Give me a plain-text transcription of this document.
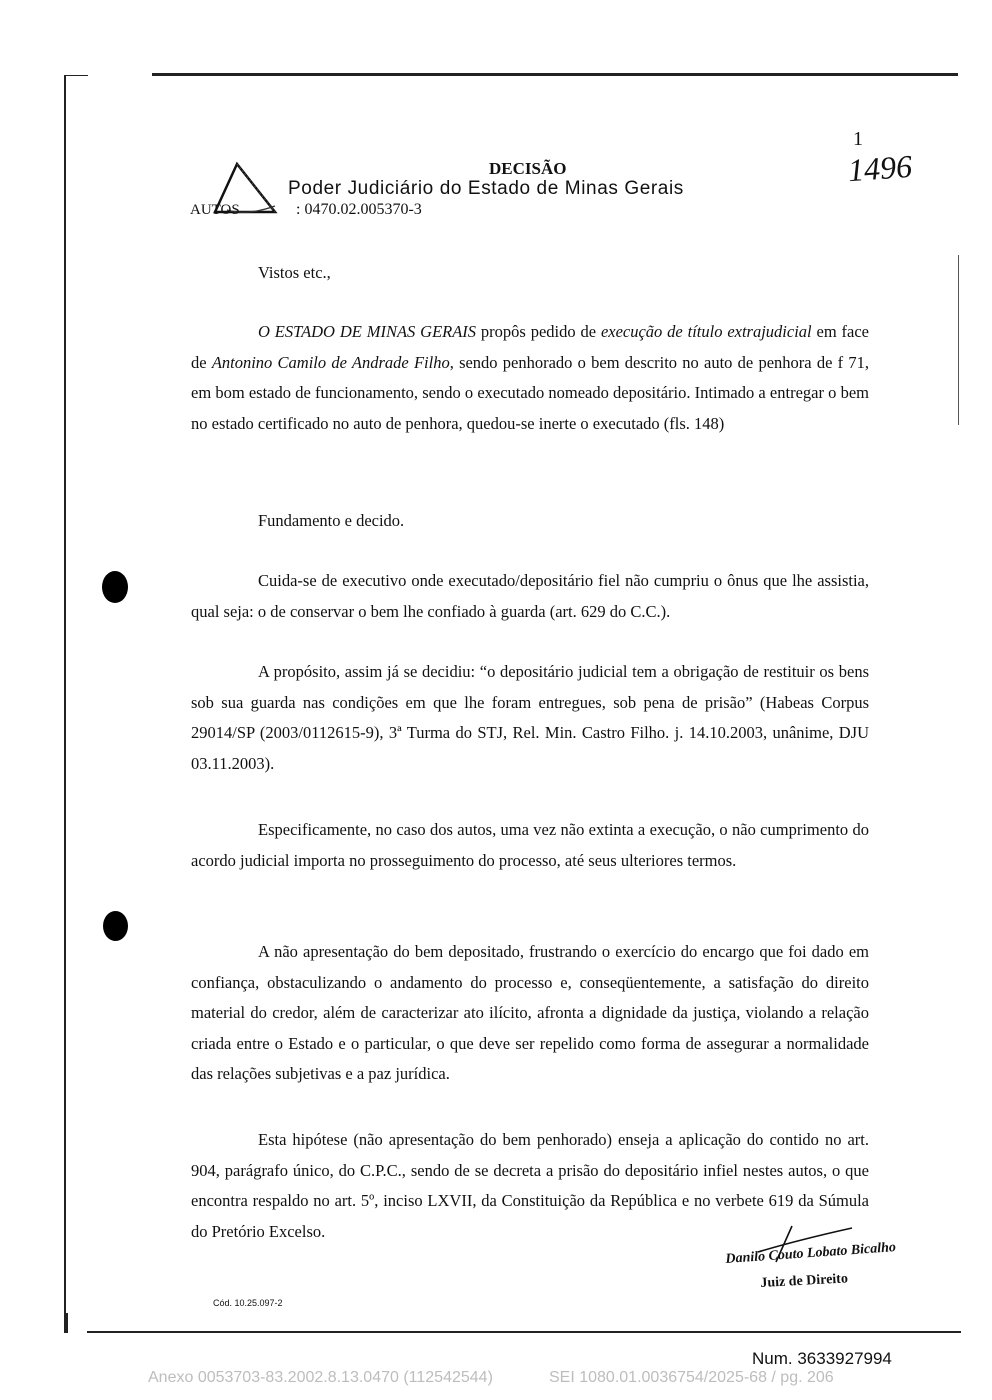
1
1496
DECISÃO
Poder Judiciário do Estado de Minas Gerais
AUTOS	: 0470.02.005370-3

Vistos etc.,

O ESTADO DE MINAS GERAIS propôs pedido de execução de título extrajudicial em face de Antonino Camilo de Andrade Filho, sendo penhorado o bem descrito no auto de penhora de f 71, em bom estado de funcionamento, sendo o executado nomeado depositário. Intimado a entregar o bem no estado certificado no auto de penhora, quedou-se inerte o executado (fls. 148)

Fundamento e decido.

Cuida-se de executivo onde executado/depositário fiel não cumpriu o ônus que lhe assistia, qual seja: o de conservar o bem lhe confiado à guarda (art. 629 do C.C.).

A propósito, assim já se decidiu: “o depositário judicial tem a obrigação de restituir os bens sob sua guarda nas condições em que lhe foram entregues, sob pena de prisão” (Habeas Corpus 29014/SP (2003/0112615-9), 3ª Turma do STJ, Rel. Min. Castro Filho. j. 14.10.2003, unânime, DJU 03.11.2003).

Especificamente, no caso dos autos, uma vez não extinta a execução, o não cumprimento do acordo judicial importa no prosseguimento do processo, até seus ulteriores termos.

A não apresentação do bem depositado, frustrando o exercício do encargo que foi dado em confiança, obstaculizando o andamento do processo e, conseqüentemente, a satisfação do direito material do credor, além de caracterizar ato ilícito, afronta a dignidade da justiça, violando a relação criada entre o Estado e o particular, o que deve ser repelido como forma de assegurar a normalidade das relações subjetivas e a paz jurídica.

Esta hipótese (não apresentação do bem penhorado) enseja a aplicação do contido no art. 904, parágrafo único, do C.P.C., sendo de se decreta a prisão do depositário infiel nestes autos, o que encontra respaldo no art. 5º, inciso LXVII, da Constituição da República e no verbete 619 da Súmula do Pretório Excelso.

Danilo Couto Lobato Bicalho
Juiz de Direito
Cód. 10.25.097-2
Num. 3633927994
Anexo 0053703-83.2002.8.13.0470 (112542544)	SEI 1080.01.0036754/2025-68 / pg. 206
